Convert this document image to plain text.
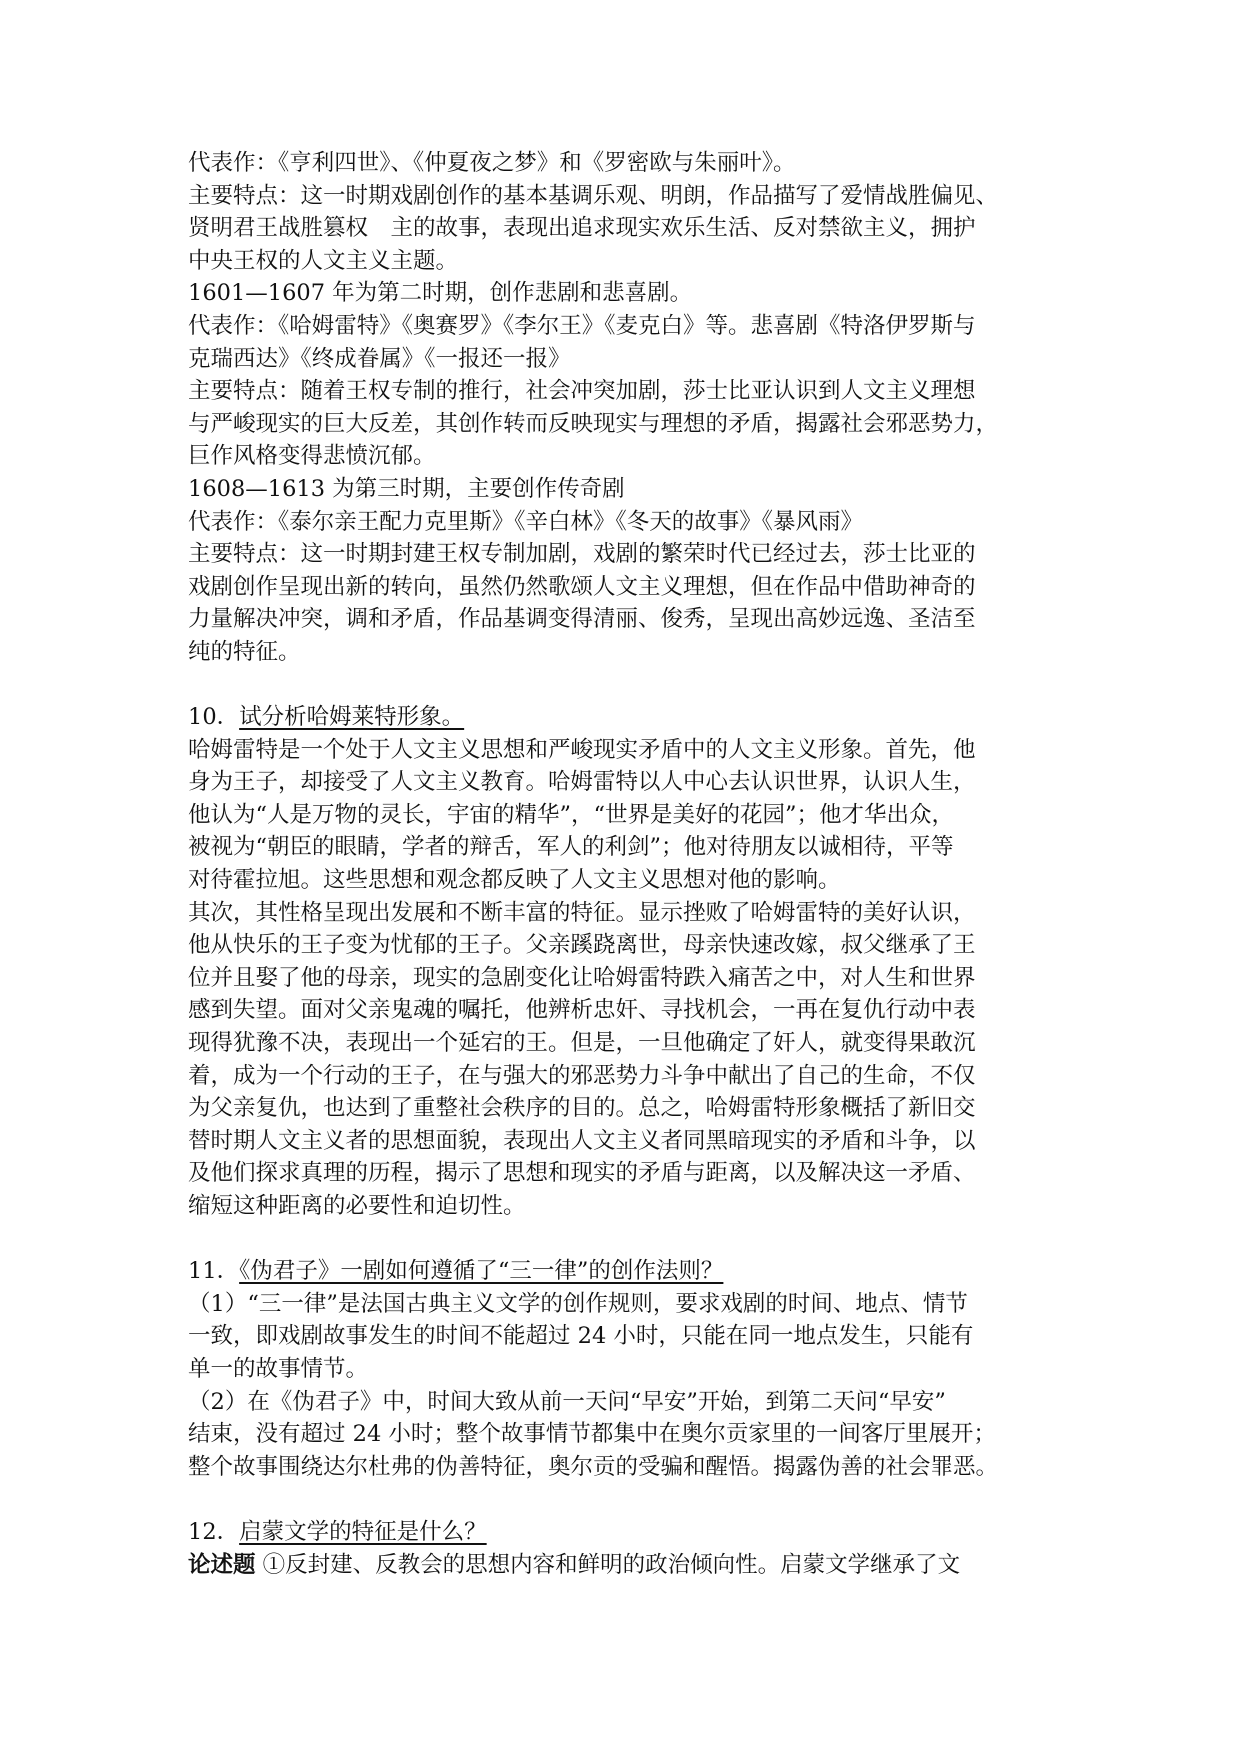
代表作：《亨利四世》、《仲夏夜之梦》和《罗密欧与朱丽叶》。
主要特点：这一时期戏剧创作的基本基调乐观、明朗，作品描写了爱情战胜偏见、
贤明君王战胜篡权　主的故事，表现出追求现实欢乐生活、反对禁欲主义，拥护
中央王权的人文主义主题。
1601—1607 年为第二时期，创作悲剧和悲喜剧。
代表作：《哈姆雷特》《奥赛罗》《李尔王》《麦克白》等。悲喜剧《特洛伊罗斯与
克瑞西达》《终成眷属》《一报还一报》
主要特点：随着王权专制的推行，社会冲突加剧，莎士比亚认识到人文主义理想
与严峻现实的巨大反差，其创作转而反映现实与理想的矛盾，揭露社会邪恶势力，
巨作风格变得悲愤沉郁。
1608—1613 为第三时期，主要创作传奇剧
代表作：《泰尔亲王配力克里斯》《辛白林》《冬天的故事》《暴风雨》
主要特点：这一时期封建王权专制加剧，戏剧的繁荣时代已经过去，莎士比亚的
戏剧创作呈现出新的转向，虽然仍然歌颂人文主义理想，但在作品中借助神奇的
力量解决冲突，调和矛盾，作品基调变得清丽、俊秀，呈现出高妙远逸、圣洁至
纯的特征。
10．试分析哈姆莱特形象。
哈姆雷特是一个处于人文主义思想和严峻现实矛盾中的人文主义形象。首先，他
身为王子，却接受了人文主义教育。哈姆雷特以人中心去认识世界，认识人生，
他认为“人是万物的灵长，宇宙的精华”，“世界是美好的花园”；他才华出众，
被视为“朝臣的眼睛，学者的辩舌，军人的利剑”；他对待朋友以诚相待，平等
对待霍拉旭。这些思想和观念都反映了人文主义思想对他的影响。
其次，其性格呈现出发展和不断丰富的特征。显示挫败了哈姆雷特的美好认识，
他从快乐的王子变为忧郁的王子。父亲蹊跷离世，母亲快速改嫁，叔父继承了王
位并且娶了他的母亲，现实的急剧变化让哈姆雷特跌入痛苦之中，对人生和世界
感到失望。面对父亲鬼魂的嘱托，他辨析忠奸、寻找机会，一再在复仇行动中表
现得犹豫不决，表现出一个延宕的王。但是，一旦他确定了奸人，就变得果敢沉
着，成为一个行动的王子，在与强大的邪恶势力斗争中献出了自己的生命，不仅
为父亲复仇，也达到了重整社会秩序的目的。总之，哈姆雷特形象概括了新旧交
替时期人文主义者的思想面貌，表现出人文主义者同黑暗现实的矛盾和斗争，以
及他们探求真理的历程，揭示了思想和现实的矛盾与距离，以及解决这一矛盾、
缩短这种距离的必要性和迫切性。
11．《伪君子》一剧如何遵循了“三一律”的创作法则？
（1）“三一律”是法国古典主义文学的创作规则，要求戏剧的时间、地点、情节
一致，即戏剧故事发生的时间不能超过 24 小时，只能在同一地点发生，只能有
单一的故事情节。
（2）在《伪君子》中，时间大致从前一天问“早安”开始，到第二天问“早安”
结束，没有超过 24 小时；整个故事情节都集中在奥尔贡家里的一间客厅里展开；
整个故事围绕达尔杜弗的伪善特征，奥尔贡的受骗和醒悟。揭露伪善的社会罪恶。
12．启蒙文学的特征是什么？
论述题 ①反封建、反教会的思想内容和鲜明的政治倾向性。启蒙文学继承了文
